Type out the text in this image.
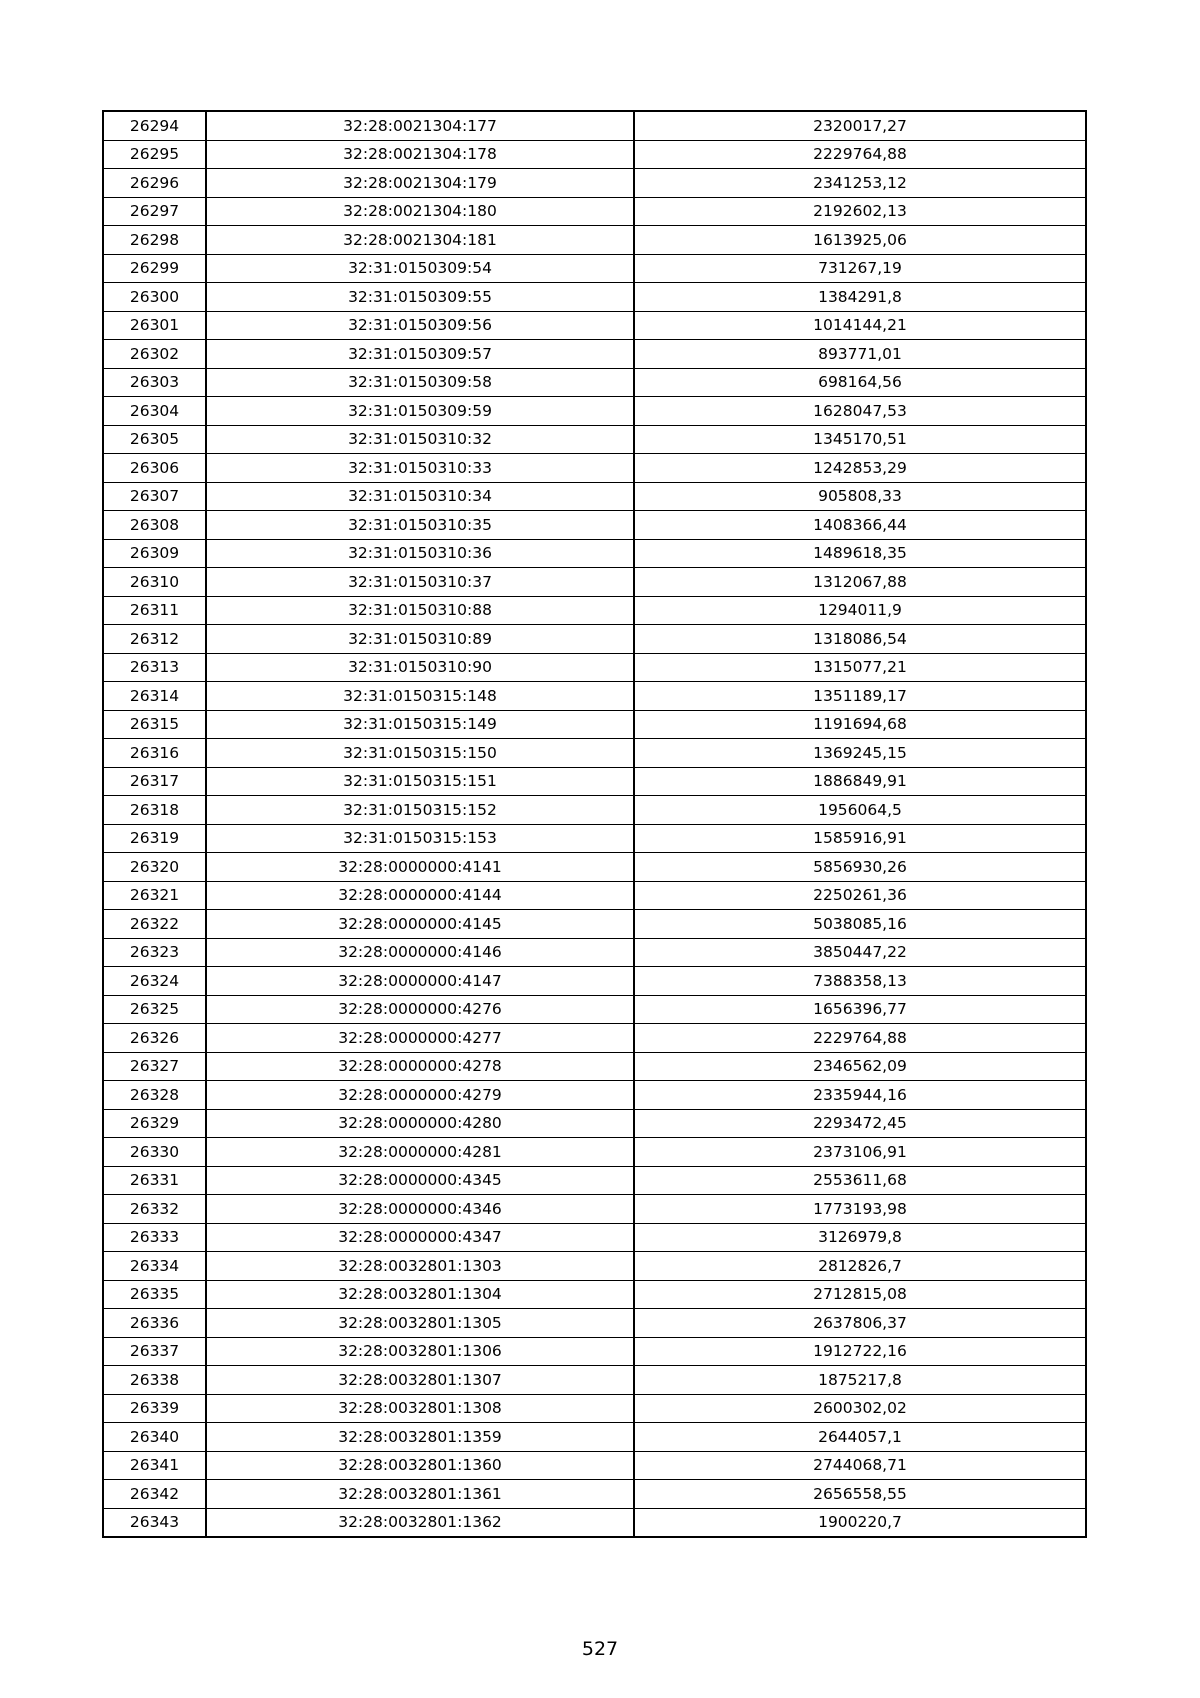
26294	32:28:0021304:177	2320017,27
26295	32:28:0021304:178	2229764,88
26296	32:28:0021304:179	2341253,12
26297	32:28:0021304:180	2192602,13
26298	32:28:0021304:181	1613925,06
26299	32:31:0150309:54	731267,19
26300	32:31:0150309:55	1384291,8
26301	32:31:0150309:56	1014144,21
26302	32:31:0150309:57	893771,01
26303	32:31:0150309:58	698164,56
26304	32:31:0150309:59	1628047,53
26305	32:31:0150310:32	1345170,51
26306	32:31:0150310:33	1242853,29
26307	32:31:0150310:34	905808,33
26308	32:31:0150310:35	1408366,44
26309	32:31:0150310:36	1489618,35
26310	32:31:0150310:37	1312067,88
26311	32:31:0150310:88	1294011,9
26312	32:31:0150310:89	1318086,54
26313	32:31:0150310:90	1315077,21
26314	32:31:0150315:148	1351189,17
26315	32:31:0150315:149	1191694,68
26316	32:31:0150315:150	1369245,15
26317	32:31:0150315:151	1886849,91
26318	32:31:0150315:152	1956064,5
26319	32:31:0150315:153	1585916,91
26320	32:28:0000000:4141	5856930,26
26321	32:28:0000000:4144	2250261,36
26322	32:28:0000000:4145	5038085,16
26323	32:28:0000000:4146	3850447,22
26324	32:28:0000000:4147	7388358,13
26325	32:28:0000000:4276	1656396,77
26326	32:28:0000000:4277	2229764,88
26327	32:28:0000000:4278	2346562,09
26328	32:28:0000000:4279	2335944,16
26329	32:28:0000000:4280	2293472,45
26330	32:28:0000000:4281	2373106,91
26331	32:28:0000000:4345	2553611,68
26332	32:28:0000000:4346	1773193,98
26333	32:28:0000000:4347	3126979,8
26334	32:28:0032801:1303	2812826,7
26335	32:28:0032801:1304	2712815,08
26336	32:28:0032801:1305	2637806,37
26337	32:28:0032801:1306	1912722,16
26338	32:28:0032801:1307	1875217,8
26339	32:28:0032801:1308	2600302,02
26340	32:28:0032801:1359	2644057,1
26341	32:28:0032801:1360	2744068,71
26342	32:28:0032801:1361	2656558,55
26343	32:28:0032801:1362	1900220,7
527
